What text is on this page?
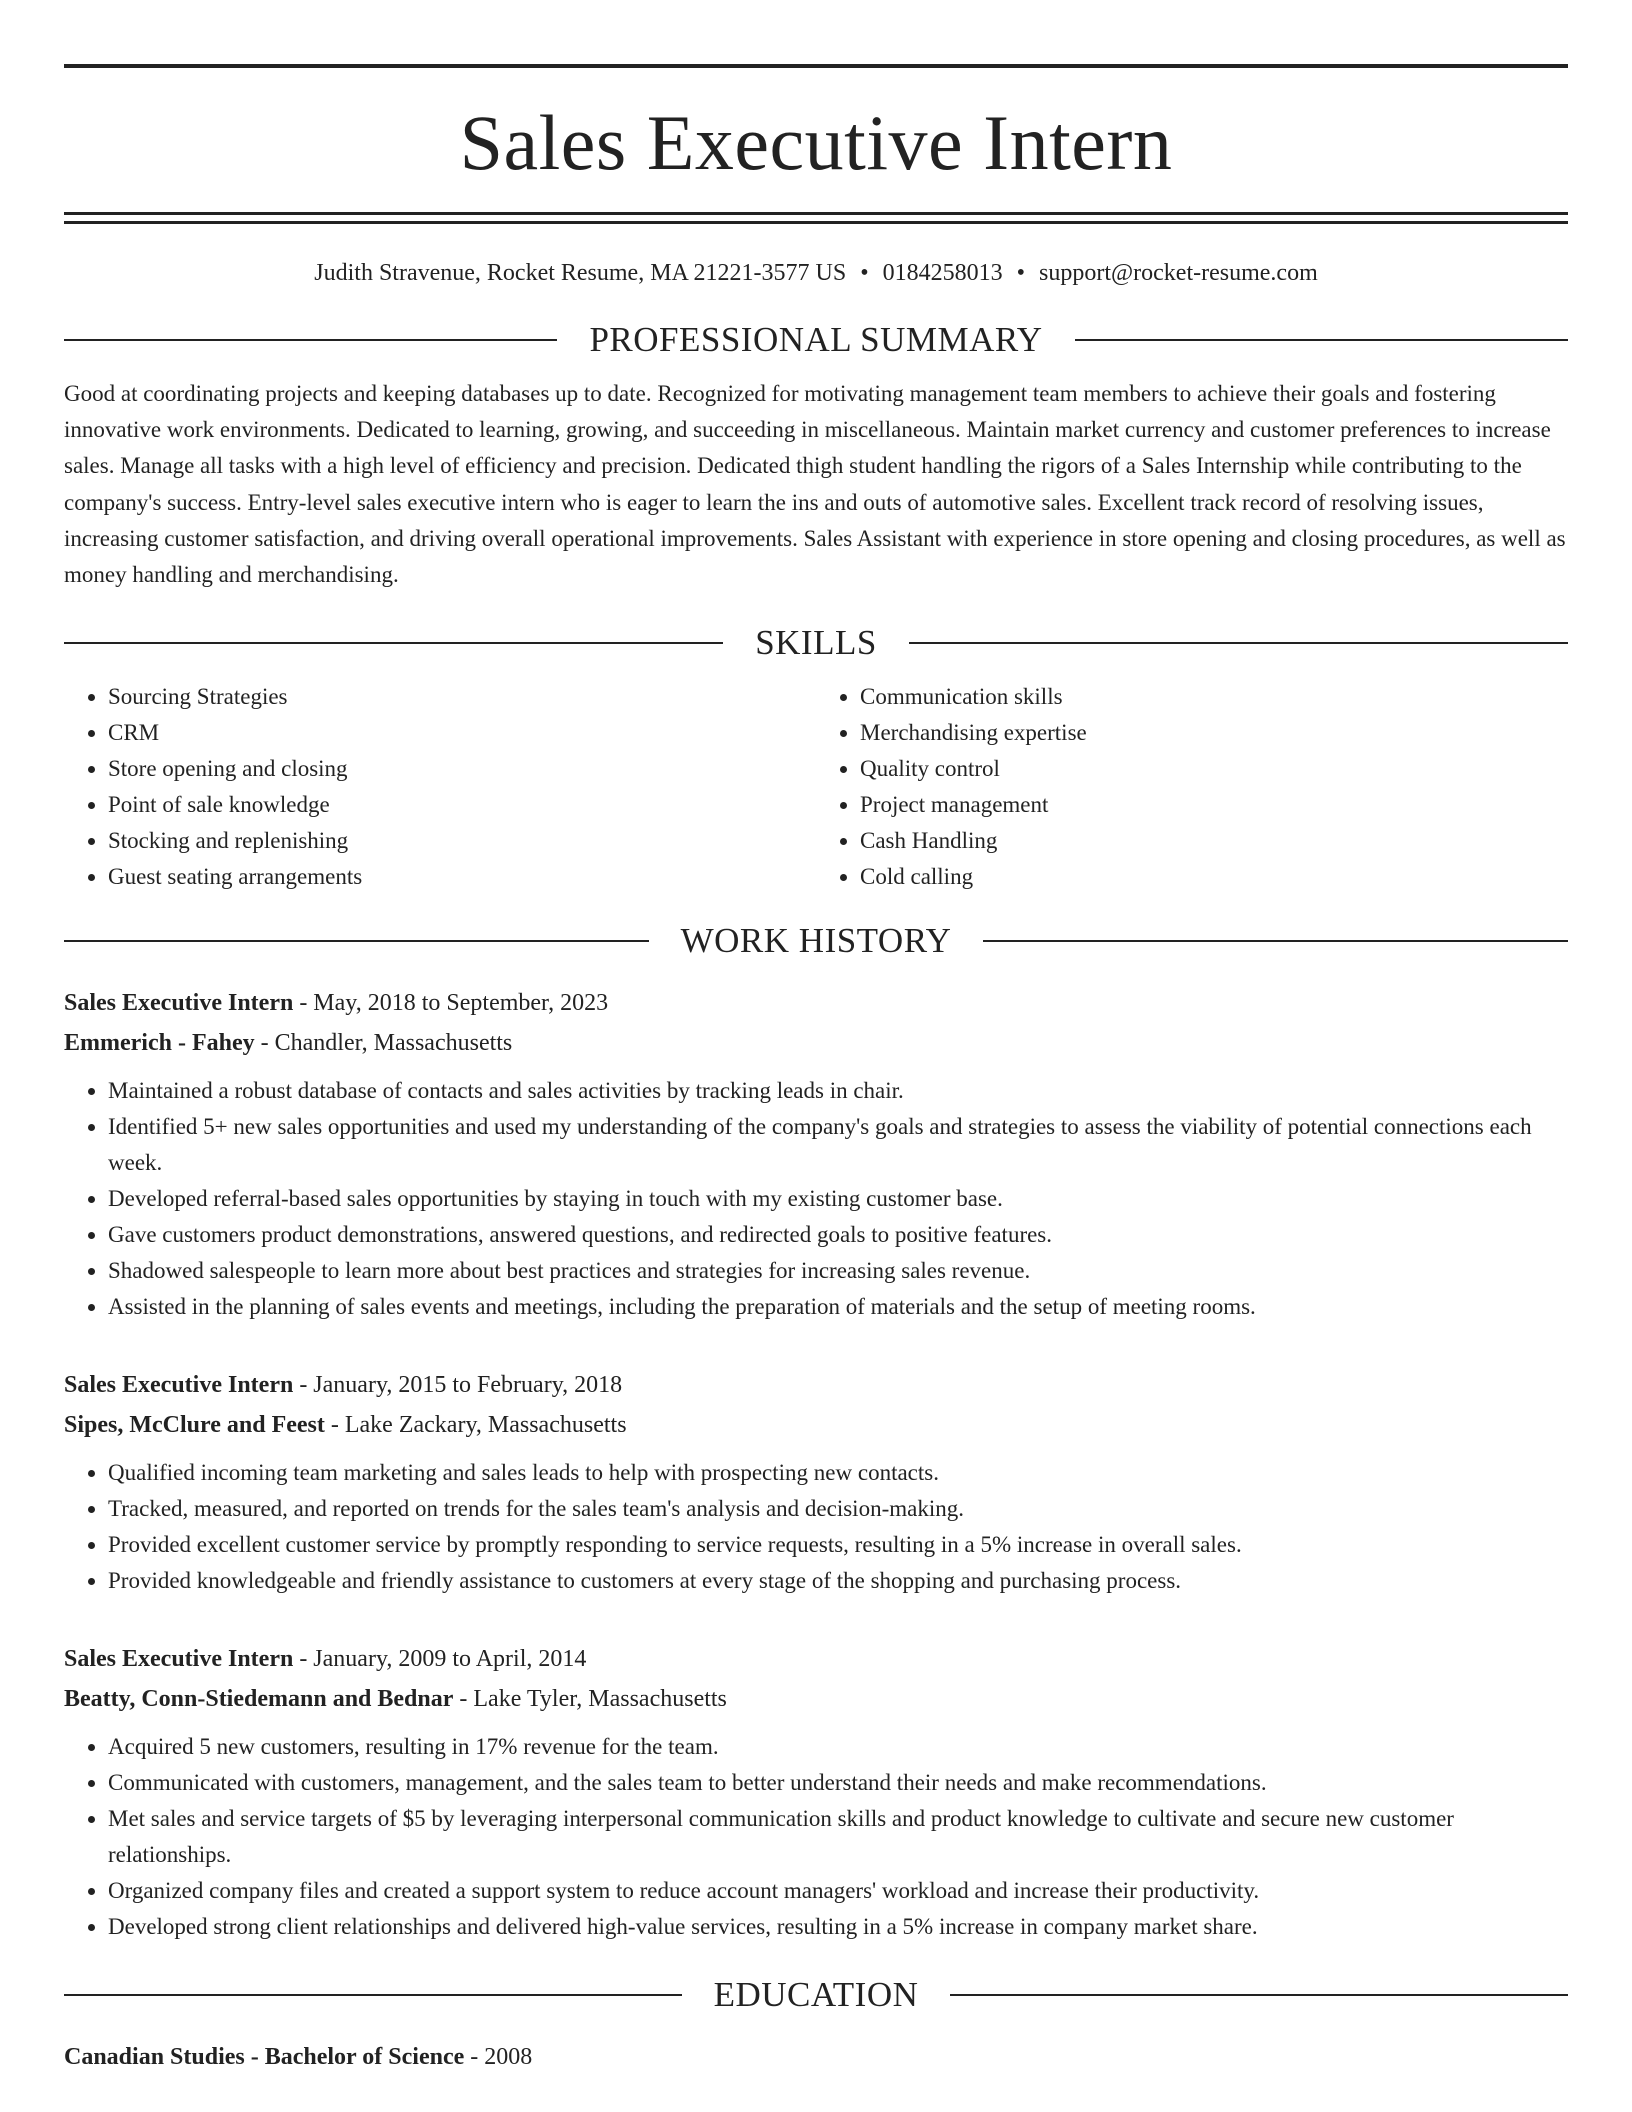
Sales Executive Intern
Judith Stravenue, Rocket Resume, MA 21221-3577 US • 0184258013 • support@rocket-resume.com
PROFESSIONAL SUMMARY

Good at coordinating projects and keeping databases up to date. Recognized for motivating management team members to achieve their goals and fostering innovative work environments. Dedicated to learning, growing, and succeeding in miscellaneous. Maintain market currency and customer preferences to increase sales. Manage all tasks with a high level of efficiency and precision. Dedicated thigh student handling the rigors of a Sales Internship while contributing to the company's success. Entry-level sales executive intern who is eager to learn the ins and outs of automotive sales. Excellent track record of resolving issues, increasing customer satisfaction, and driving overall operational improvements. Sales Assistant with experience in store opening and closing procedures, as well as money handling and merchandising.

SKILLS
• Sourcing Strategies
• CRM
• Store opening and closing
• Point of sale knowledge
• Stocking and replenishing
• Guest seating arrangements
• Communication skills
• Merchandising expertise
• Quality control
• Project management
• Cash Handling
• Cold calling
WORK HISTORY
Sales Executive Intern - May, 2018 to September, 2023
Emmerich - Fahey - Chandler, Massachusetts
• Maintained a robust database of contacts and sales activities by tracking leads in chair.
• Identified 5+ new sales opportunities and used my understanding of the company's goals and strategies to assess the viability of potential connections each week.
• Developed referral-based sales opportunities by staying in touch with my existing customer base.
• Gave customers product demonstrations, answered questions, and redirected goals to positive features.
• Shadowed salespeople to learn more about best practices and strategies for increasing sales revenue.
• Assisted in the planning of sales events and meetings, including the preparation of materials and the setup of meeting rooms.
Sales Executive Intern - January, 2015 to February, 2018
Sipes, McClure and Feest - Lake Zackary, Massachusetts
• Qualified incoming team marketing and sales leads to help with prospecting new contacts.
• Tracked, measured, and reported on trends for the sales team's analysis and decision-making.
• Provided excellent customer service by promptly responding to service requests, resulting in a 5% increase in overall sales.
• Provided knowledgeable and friendly assistance to customers at every stage of the shopping and purchasing process.
Sales Executive Intern - January, 2009 to April, 2014
Beatty, Conn-Stiedemann and Bednar - Lake Tyler, Massachusetts
• Acquired 5 new customers, resulting in 17% revenue for the team.
• Communicated with customers, management, and the sales team to better understand their needs and make recommendations.
• Met sales and service targets of $5 by leveraging interpersonal communication skills and product knowledge to cultivate and secure new customer relationships.
• Organized company files and created a support system to reduce account managers' workload and increase their productivity.
• Developed strong client relationships and delivered high-value services, resulting in a 5% increase in company market share.
EDUCATION
Canadian Studies - Bachelor of Science - 2008
